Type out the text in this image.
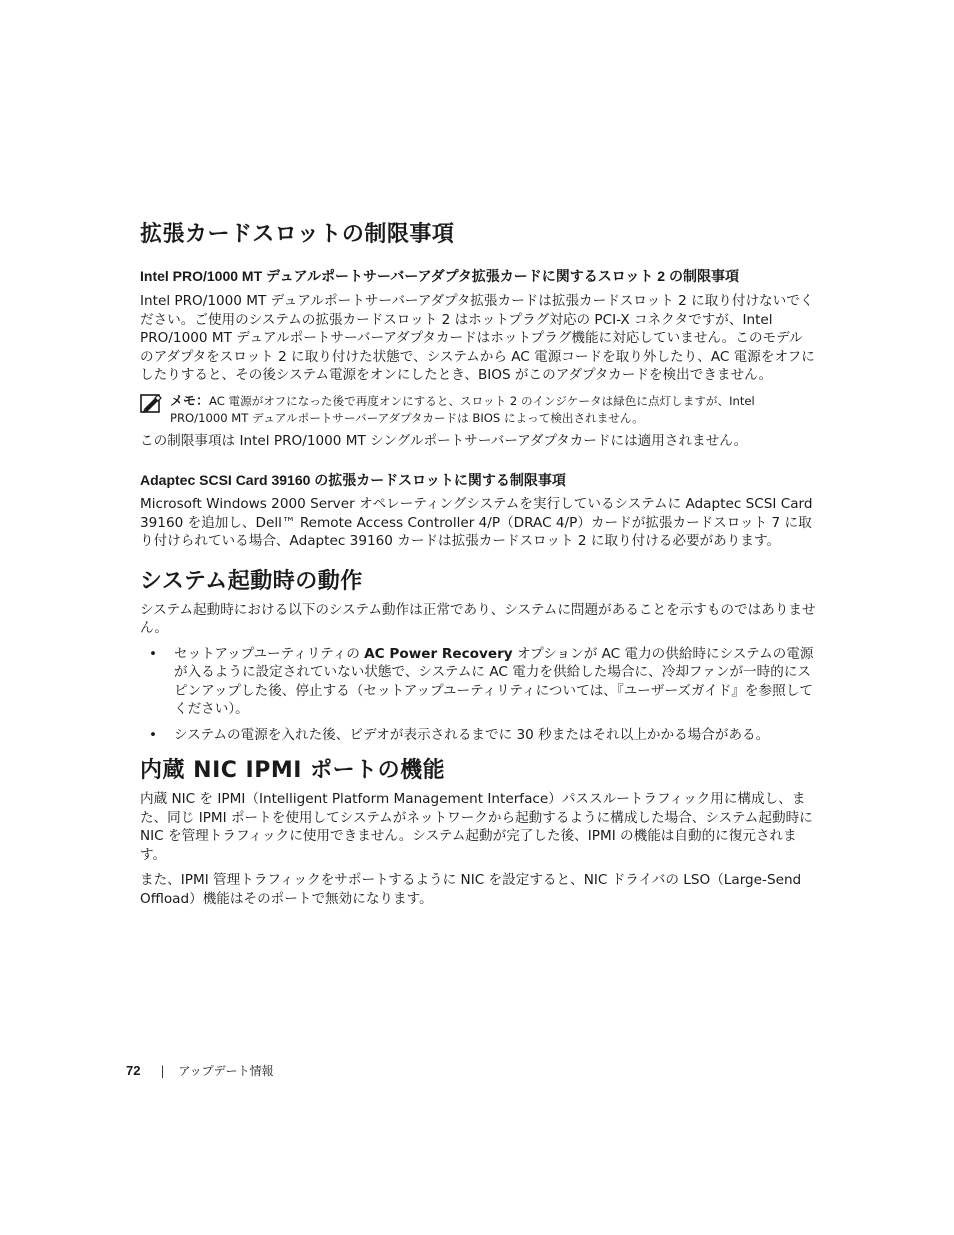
拡張カードスロットの制限事項
Intel PRO/1000 MT デュアルポートサーバーアダプタ拡張カードに関するスロット 2 の制限事項

Intel PRO/1000 MT デュアルポートサーバーアダプタ拡張カードは拡張カードスロット 2 に取り付けないでください。ご使用のシステムの拡張カードスロット 2 はホットプラグ対応の PCI-X コネクタですが、Intel PRO/1000 MT デュアルポートサーバーアダプタカードはホットプラグ機能に対応していません。このモデルのアダプタをスロット 2 に取り付けた状態で、システムから AC 電源コードを取り外したり、AC 電源をオフにしたりすると、その後システム電源をオンにしたとき、BIOS がこのアダプタカードを検出できません。

メモ：AC 電源がオフになった後で再度オンにすると、スロット 2 のインジケータは緑色に点灯しますが、Intel PRO/1000 MT デュアルポートサーバーアダプタカードは BIOS によって検出されません。

この制限事項は Intel PRO/1000 MT シングルポートサーバーアダプタカードには適用されません。

Adaptec SCSI Card 39160 の拡張カードスロットに関する制限事項

Microsoft Windows 2000 Server オペレーティングシステムを実行しているシステムに Adaptec SCSI Card 39160 を追加し、Dell™ Remote Access Controller 4/P（DRAC 4/P）カードが拡張カードスロット 7 に取り付けられている場合、Adaptec 39160 カードは拡張カードスロット 2 に取り付ける必要があります。

システム起動時の動作

システム起動時における以下のシステム動作は正常であり、システムに問題があることを示すものではありません。

• セットアップユーティリティの AC Power Recovery オプションが AC 電力の供給時にシステムの電源が入るように設定されていない状態で、システムに AC 電力を供給した場合に、冷却ファンが一時的にスピンアップした後、停止する（セットアップユーティリティについては、『ユーザーズガイド』を参照してください）。
• システムの電源を入れた後、ビデオが表示されるまでに 30 秒またはそれ以上かかる場合がある。
内蔵 NIC IPMI ポートの機能

内蔵 NIC を IPMI（Intelligent Platform Management Interface）パススルートラフィック用に構成し、また、同じ IPMI ポートを使用してシステムがネットワークから起動するように構成した場合、システム起動時に NIC を管理トラフィックに使用できません。システム起動が完了した後、IPMI の機能は自動的に復元されます。

また、IPMI 管理トラフィックをサポートするように NIC を設定すると、NIC ドライバの LSO（Large-Send Offload）機能はそのポートで無効になります。

72 | アップデート情報
